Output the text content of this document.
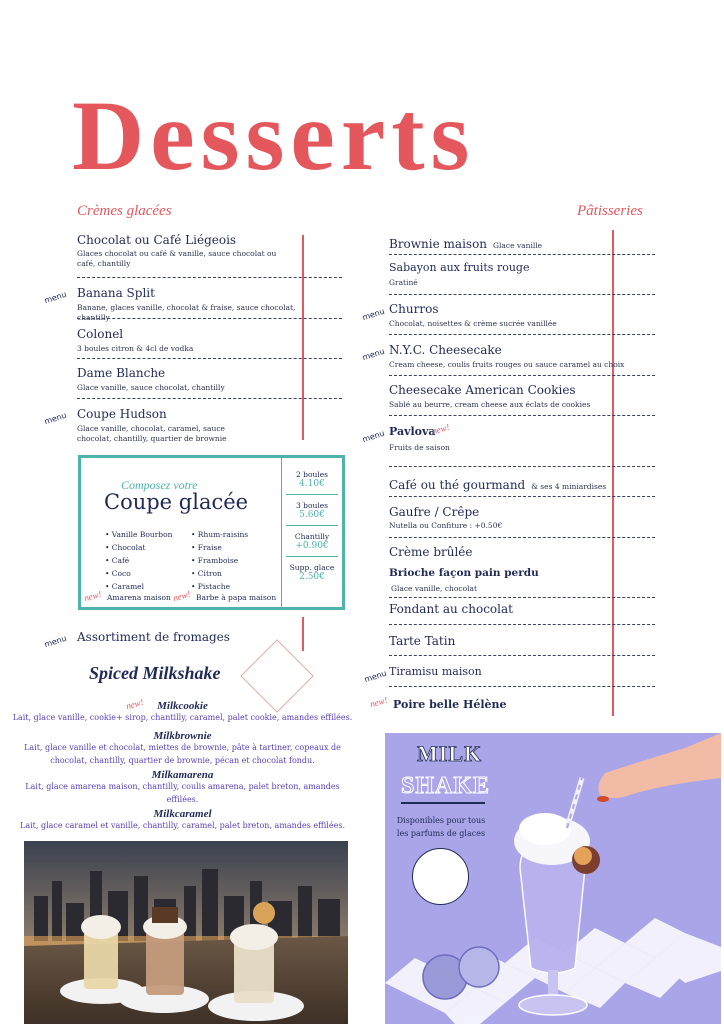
Desserts
Crèmes glacées	Pâtisseries
Chocolat ou Café Liégeois
Glaces chocolat ou café & vanille, sauce chocolat ou café, chantilly
menu Banana Split
Banane, glaces vanille, chocolat & fraise, sauce chocolat, chantilly
Colonel
3 boules citron & 4cl de vodka
Dame Blanche
Glace vanille, sauce chocolat, chantilly
menu Coupe Hudson
Glace vanille, chocolat, caramel, sauce chocolat, chantilly, quartier de brownie
Composez votre
Coupe glacée
• Vanille Bourbon
• Chocolat
• Café
• Coco
• Caramel
new! Amarena maison
• Rhum-raisins
• Fraise
• Framboise
• Citron
• Pistache
new! Barbe à papa maison
2 boules
4.10€
3 boules
5.60€
Chantilly
+0.90€
Supp. glace
2.50€
menu Assortiment de fromages
Spiced Milkshake
new!	Milkcookie
Lait, glace vanille, cookie+ sirop, chantilly, caramel, palet cookie, amandes effilées.
Milkbrownie
Lait, glace vanille et chocolat, miettes de brownie, pâte à tartiner, copeaux de chocolat, chantilly, quartier de brownie, pécan et chocolat fondu.
Milkamarena
Lait, glace amarena maison, chantilly, coulis amarena, palet breton, amandes effilées.
Milkcaramel
Lait, glace caramel et vanille, chantilly, caramel, palet breton, amandes effilées.
Brownie maison Glace vanille
Sabayon aux fruits rouge
Gratiné
menu Churros
Chocolat, noisettes & crème sucrée vanillée
menu N.Y.C. Cheesecake
Cream cheese, coulis fruits rouges ou sauce caramel au choix
Cheesecake American Cookies
Sablé au beurre, cream cheese aux éclats de cookies
menu Pavlova
new!
Fruits de saison
Café ou thé gourmand & ses 4 miniardises
Gaufre / Crêpe
Nutella ou Confiture : +0.50€
Crème brûlée
Brioche façon pain perdu
Glace vanille, chocolat
Fondant au chocolat
Tarte Tatin
menu Tiramisu maison
new! Poire belle Hélène
MILK
SHAKE
Disponibles pour tous
les parfums de glaces
